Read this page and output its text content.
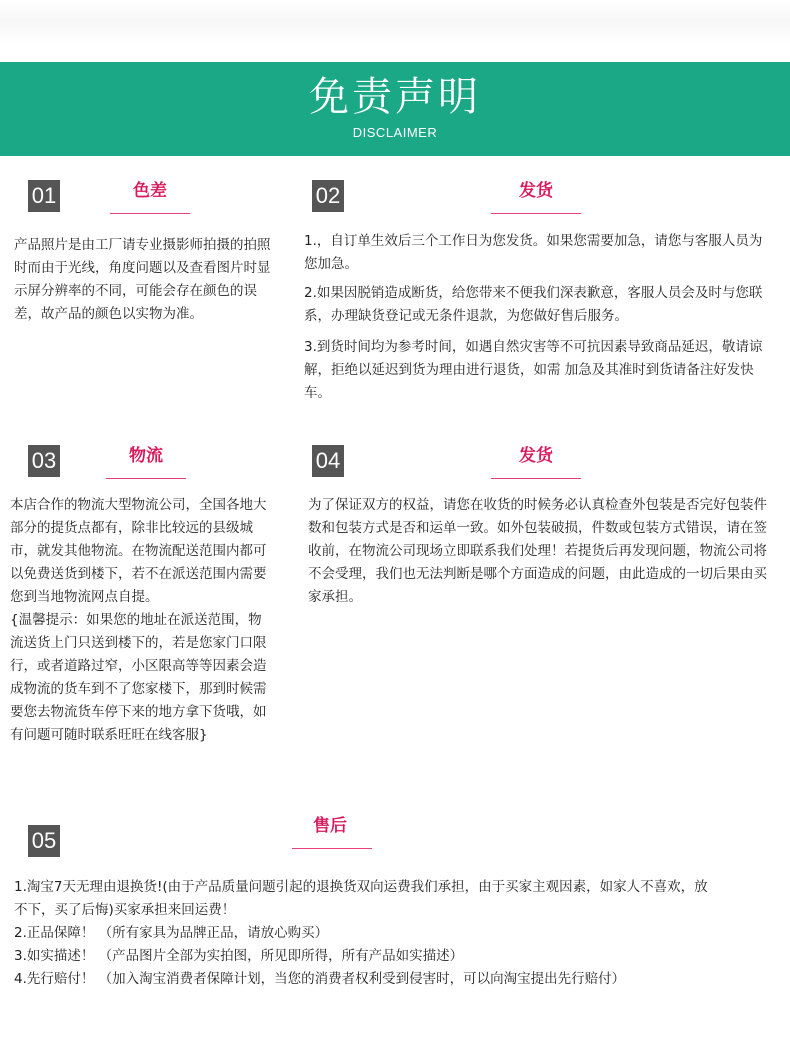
免责声明
DISCLAIMER
01	色差

产品照片是由工厂请专业摄影师拍摄的拍照时而由于光线，角度问题以及查看图片时显示屏分辨率的不同，可能会存在颜色的误差，故产品的颜色以实物为准。

02	发货

1.，自订单生效后三个工作日为您发货。如果您需要加急，请您与客服人员为您加急。

2.如果因脱销造成断货，给您带来不便我们深表歉意，客服人员会及时与您联系，办理缺货登记或无条件退款，为您做好售后服务。

3.到货时间均为参考时间，如遇自然灾害等不可抗因素导致商品延迟，敬请谅解，拒绝以延迟到货为理由进行退货，如需 加急及其准时到货请备注好发快车。

03	物流

本店合作的物流大型物流公司，全国各地大部分的提货点都有，除非比较远的县级城市，就发其他物流。在物流配送范围内都可以免费送货到楼下，若不在派送范围内需要您到当地物流网点自提。

{温馨提示：如果您的地址在派送范围，物流送货上门只送到楼下的，若是您家门口限行，或者道路过窄，小区限高等等因素会造成物流的货车到不了您家楼下，那到时候需要您去物流货车停下来的地方拿下货哦，如有问题可随时联系旺旺在线客服}

04	发货

为了保证双方的权益，请您在收货的时候务必认真检查外包装是否完好包装件数和包装方式是否和运单一致。如外包装破损，件数或包装方式错误，请在签收前，在物流公司现场立即联系我们处理！若提货后再发现问题，物流公司将不会受理，我们也无法判断是哪个方面造成的问题，由此造成的一切后果由买家承担。

05
售后

1.淘宝7天无理由退换货!(由于产品质量问题引起的退换货双向运费我们承担，由于买家主观因素，如家人不喜欢，放不下，买了后悔)买家承担来回运费！

2.正品保障！ （所有家具为品牌正品，请放心购买）

3.如实描述！ （产品图片全部为实拍图，所见即所得，所有产品如实描述）

4.先行赔付！ （加入淘宝消费者保障计划，当您的消费者权利受到侵害时，可以向淘宝提出先行赔付）
